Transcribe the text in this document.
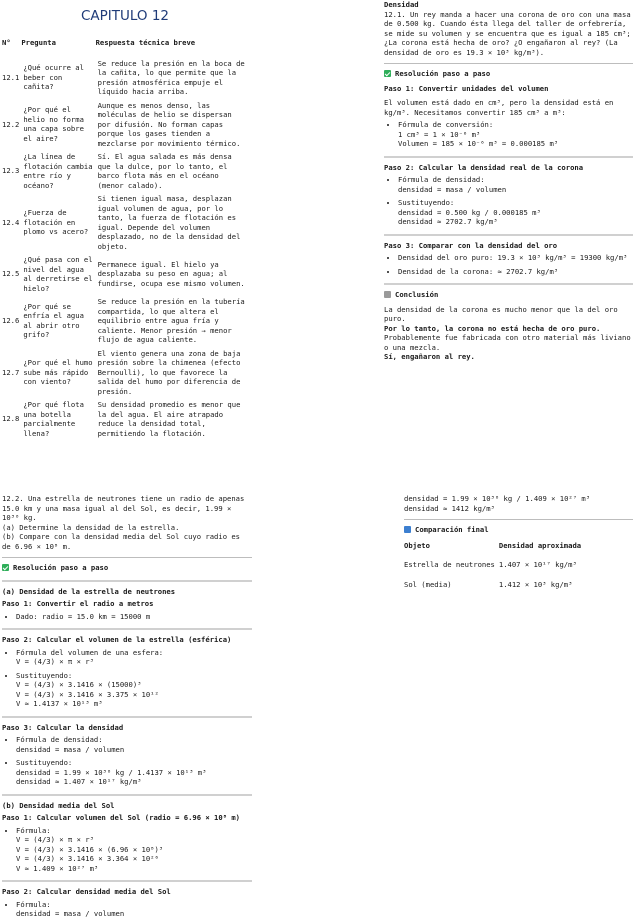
CAPITULO 12
N°	Pregunta	Respuesta técnica breve
12.1	¿Qué ocurre al beber con cañita?	Se reduce la presión en la boca de la cañita, lo que permite que la presión atmosférica empuje el líquido hacia arriba.
12.2	¿Por qué el helio no forma una capa sobre el aire?	Aunque es menos denso, las moléculas de helio se dispersan por difusión. No forman capas porque los gases tienden a mezclarse por movimiento térmico.
12.3	¿La línea de flotación cambia entre río y océano?	Sí. El agua salada es más densa que la dulce, por lo tanto, el barco flota más en el océano (menor calado).
12.4	¿Fuerza de flotación en plomo vs acero?	Si tienen igual masa, desplazan igual volumen de agua, por lo tanto, la fuerza de flotación es igual. Depende del volumen desplazado, no de la densidad del objeto.
12.5	¿Qué pasa con el nivel del agua al derretirse el hielo?	Permanece igual. El hielo ya desplazaba su peso en agua; al fundirse, ocupa ese mismo volumen.
12.6	¿Por qué se enfría el agua al abrir otro grifo?	Se reduce la presión en la tubería compartida, lo que altera el equilibrio entre agua fría y caliente. Menor presión → menor flujo de agua caliente.
12.7	¿Por qué el humo sube más rápido con viento?	El viento genera una zona de baja presión sobre la chimenea (efecto Bernoulli), lo que favorece la salida del humo por diferencia de presión.
12.8	¿Por qué flota una botella parcialmente llena?	Su densidad promedio es menor que la del agua. El aire atrapado reduce la densidad total, permitiendo la flotación.
Densidad
12.1. Un rey manda a hacer una corona de oro con una masa de 0.500 kg. Cuando ésta llega del taller de orfebrería, se mide su volumen y se encuentra que es igual a 185 cm³; ¿La corona está hecha de oro? ¿O engañaron al rey? (La densidad de oro es 19.3 × 10³ kg/m³).
Resolución paso a paso
Paso 1: Convertir unidades del volumen
El volumen está dado en cm³, pero la densidad está en kg/m³. Necesitamos convertir 185 cm³ a m³:
• Fórmula de conversión:
1 cm³ = 1 × 10⁻⁶ m³
Volumen = 185 × 10⁻⁶ m³ = 0.000185 m³
Paso 2: Calcular la densidad real de la corona
• Fórmula de densidad:
densidad = masa / volumen
• Sustituyendo:
densidad = 0.500 kg / 0.000185 m³
densidad ≈ 2702.7 kg/m³
Paso 3: Comparar con la densidad del oro
• Densidad del oro puro: 19.3 × 10³ kg/m³ = 19300 kg/m³
• Densidad de la corona: ≈ 2702.7 kg/m³
Conclusión
La densidad de la corona es mucho menor que la del oro puro.
Por lo tanto, la corona no está hecha de oro puro.
Probablemente fue fabricada con otro material más liviano o una mezcla.
Sí, engañaron al rey.
12.2. Una estrella de neutrones tiene un radio de apenas 15.0 km y una masa igual al del Sol, es decir, 1.99 × 10³⁰ kg.
(a) Determine la densidad de la estrella.
(b) Compare con la densidad media del Sol cuyo radio es de 6.96 × 10⁸ m.
Resolución paso a paso
(a) Densidad de la estrella de neutrones
Paso 1: Convertir el radio a metros
• Dado: radio = 15.0 km = 15000 m
Paso 2: Calcular el volumen de la estrella (esférica)
• Fórmula del volumen de una esfera:
V = (4/3) × π × r³
• Sustituyendo:
V = (4/3) × 3.1416 × (15000)³
V = (4/3) × 3.1416 × 3.375 × 10¹²
V ≈ 1.4137 × 10¹³ m³
Paso 3: Calcular la densidad
• Fórmula de densidad:
densidad = masa / volumen
• Sustituyendo:
densidad = 1.99 × 10³⁰ kg / 1.4137 × 10¹³ m³
densidad ≈ 1.407 × 10¹⁷ kg/m³
(b) Densidad media del Sol
Paso 1: Calcular volumen del Sol (radio = 6.96 × 10⁸ m)
• Fórmula:
V = (4/3) × π × r³
V = (4/3) × 3.1416 × (6.96 × 10⁸)³
V = (4/3) × 3.1416 × 3.364 × 10²⁶
V ≈ 1.409 × 10²⁷ m³
Paso 2: Calcular densidad media del Sol
• Fórmula:
densidad = masa / volumen
densidad = 1.99 × 10³⁰ kg / 1.409 × 10²⁷ m³
densidad ≈ 1412 kg/m³
Comparación final
Objeto	Densidad aproximada
Estrella de neutrones	1.407 × 10¹⁷ kg/m³
Sol (media)	1.412 × 10³ kg/m³
